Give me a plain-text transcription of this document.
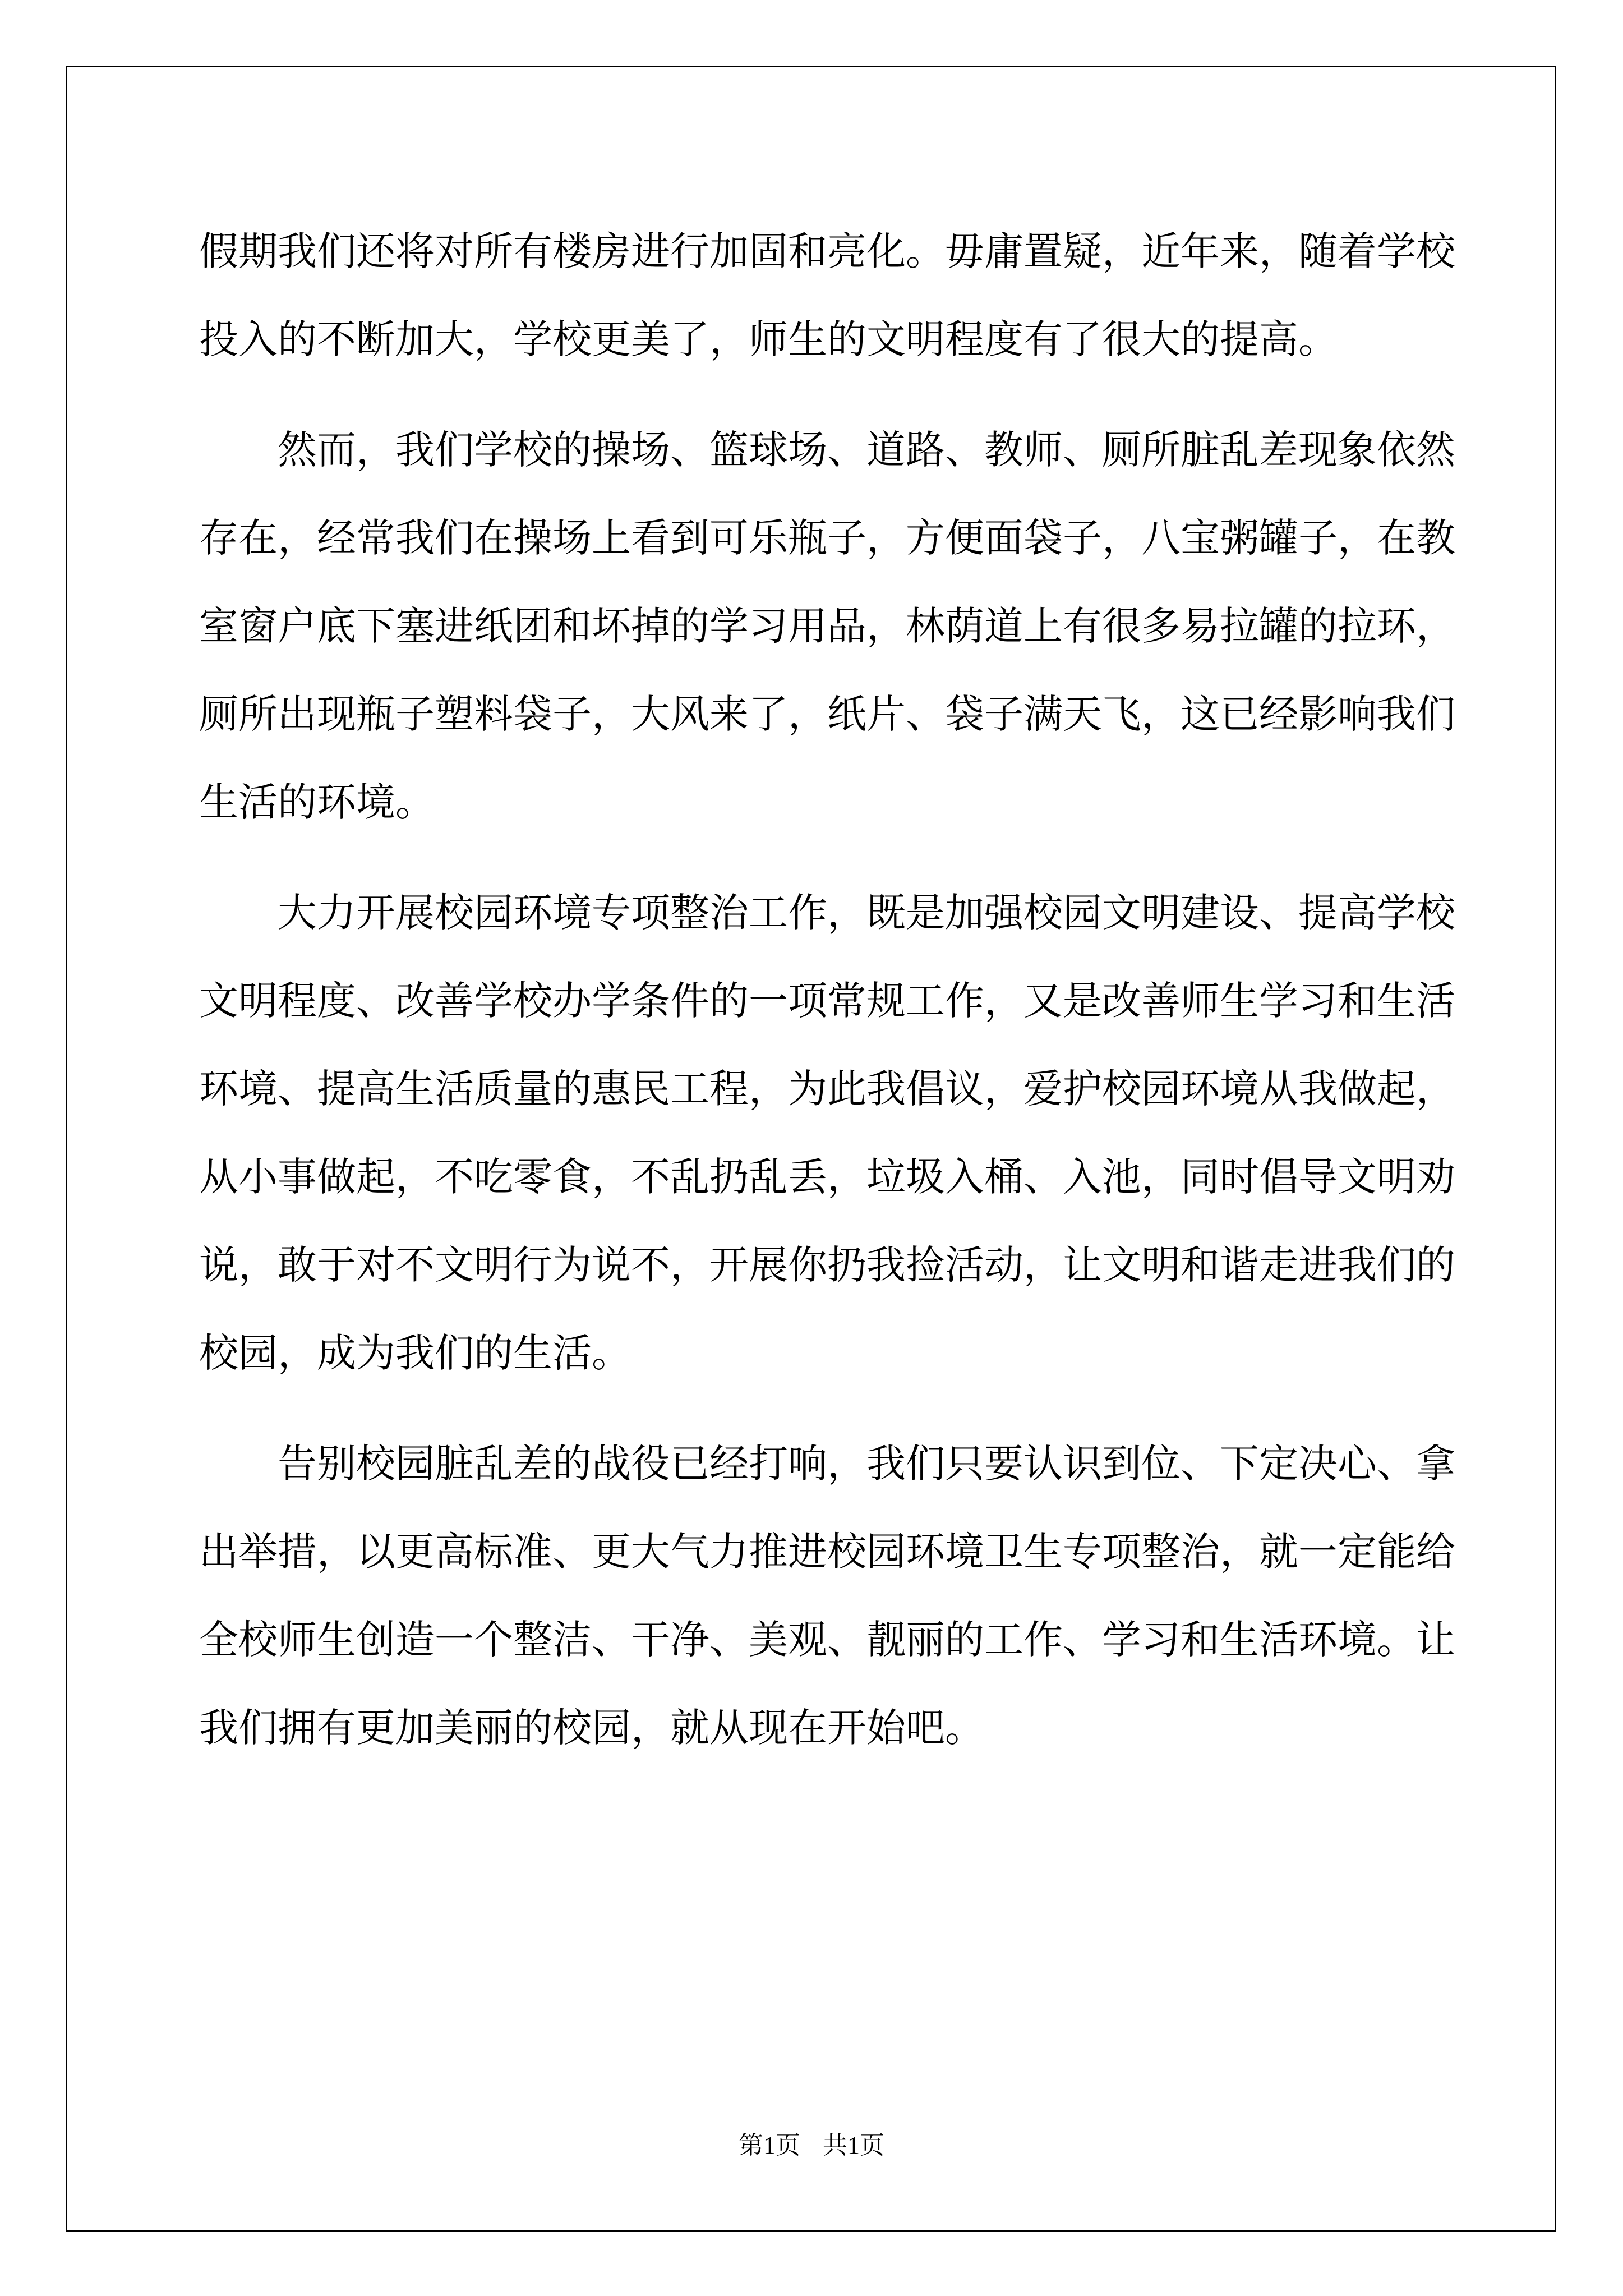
假期我们还将对所有楼房进行加固和亮化。毋庸置疑，近年来，随着学校投入的不断加大，学校更美了，师生的文明程度有了很大的提高。

然而，我们学校的操场、篮球场、道路、教师、厕所脏乱差现象依然存在，经常我们在操场上看到可乐瓶子，方便面袋子，八宝粥罐子，在教室窗户底下塞进纸团和坏掉的学习用品，林荫道上有很多易拉罐的拉环，厕所出现瓶子塑料袋子，大风来了，纸片、袋子满天飞，这已经影响我们生活的环境。

大力开展校园环境专项整治工作，既是加强校园文明建设、提高学校文明程度、改善学校办学条件的一项常规工作，又是改善师生学习和生活环境、提高生活质量的惠民工程，为此我倡议，爱护校园环境从我做起，从小事做起，不吃零食，不乱扔乱丢，垃圾入桶、入池，同时倡导文明劝说，敢于对不文明行为说不，开展你扔我捡活动，让文明和谐走进我们的校园，成为我们的生活。

告别校园脏乱差的战役已经打响，我们只要认识到位、下定决心、拿出举措，以更高标准、更大气力推进校园环境卫生专项整治，就一定能给全校师生创造一个整洁、干净、美观、靓丽的工作、学习和生活环境。让我们拥有更加美丽的校园，就从现在开始吧。

第1页 共1页
